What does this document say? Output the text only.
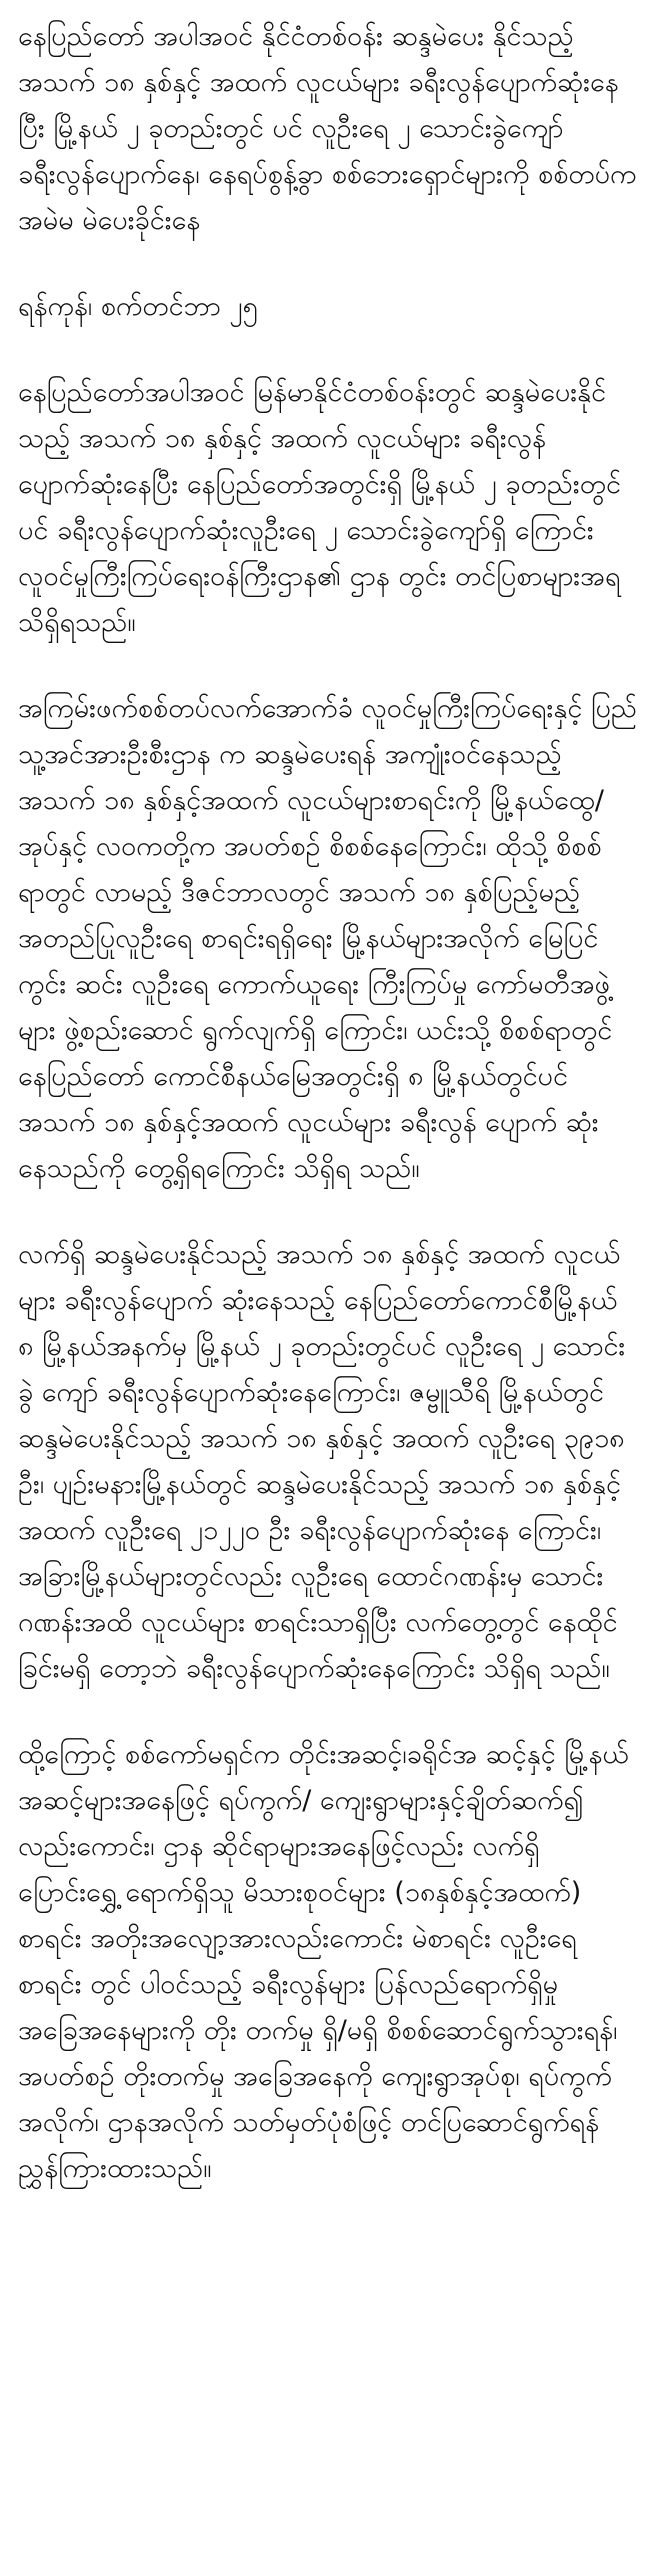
နေပြည်တော် အပါအဝင် နိုင်ငံတစ်ဝန်း ဆန္ဒမဲပေး နိုင်သည့် အသက် ၁၈ နှစ်နှင့် အထက် လူငယ်များ ခရီးလွန်ပျောက်ဆုံးနေပြီး မြို့နယ် ၂ ခုတည်းတွင် ပင် လူဦးရေ ၂ သောင်းခွဲကျော် ခရီးလွန်ပျောက်နေ၊ နေရပ်စွန့်ခွာ စစ်ဘေးရှောင်များကို စစ်တပ်က အမဲမ မဲပေးခိုင်းနေ

ရန်ကုန်၊ စက်တင်ဘာ ၂၅

နေပြည်တော်အပါအဝင် မြန်မာနိုင်ငံတစ်ဝန်းတွင် ဆန္ဒမဲပေးနိုင်သည့် အသက် ၁၈ နှစ်နှင့် အထက် လူငယ်များ ခရီးလွန်ပျောက်ဆုံးနေပြီး နေပြည်တော်အတွင်းရှိ မြို့နယ် ၂ ခုတည်းတွင်ပင် ခရီးလွန်ပျောက်ဆုံးလူဦးရေ ၂ သောင်းခွဲကျော်ရှိ ကြောင်း လူဝင်မှုကြီးကြပ်ရေးဝန်ကြီးဌာန၏ ဌာန တွင်း တင်ပြစာများအရ သိရှိရသည်။

အကြမ်းဖက်စစ်တပ်လက်အောက်ခံ လူဝင်မှုကြီးကြပ်ရေးနှင့် ပြည်သူ့အင်အားဦးစီးဌာန က ဆန္ဒမဲပေးရန် အကျုံးဝင်နေသည့် အသက် ၁၈ နှစ်နှင့်အထက် လူငယ်များစာရင်းကို မြို့နယ်ထွေ/ အုပ်နှင့် လဝကတို့က အပတ်စဉ် စိစစ်နေကြောင်း၊ ထိုသို့ စိစစ်ရာတွင် လာမည့် ဒီဇင်ဘာလတွင် အသက် ၁၈ နှစ်ပြည့်မည့် အတည်ပြုလူဦးရေ စာရင်းရရှိရေး မြို့နယ်များအလိုက် မြေပြင် ကွင်း ဆင်း လူဦးရေ ကောက်ယူရေး ကြီးကြပ်မှု ကော်မတီအဖွဲ့များ ဖွဲ့စည်းဆောင် ရွက်လျက်ရှိ ကြောင်း၊ ယင်းသို့ စိစစ်ရာတွင် နေပြည်တော် ကောင်စီနယ်မြေအတွင်းရှိ ၈ မြို့နယ်တွင်ပင် အသက် ၁၈ နှစ်နှင့်အထက် လူငယ်များ ခရီးလွန် ပျောက် ဆုံးနေသည်ကို တွေ့ရှိရကြောင်း သိရှိရ သည်။

လက်ရှိ ဆန္ဒမဲပေးနိုင်သည့် အသက် ၁၈ နှစ်နှင့် အထက် လူငယ်များ ခရီးလွန်ပျောက် ဆုံးနေသည့် နေပြည်တော်ကောင်စီမြို့နယ် ၈ မြို့နယ်အနက်မှ မြို့နယ် ၂ ခုတည်းတွင်ပင် လူဦးရေ ၂ သောင်းခွဲ ကျော် ခရီးလွန်ပျောက်ဆုံးနေကြောင်း၊ ဇမ္ဗူသီရိ မြို့နယ်တွင် ဆန္ဒမဲပေးနိုင်သည့် အသက် ၁၈ နှစ်နှင့် အထက် လူဦးရေ ၃၉၁၈ ဦး၊ ပျဉ်းမနားမြို့နယ်တွင် ဆန္ဒမဲပေးနိုင်သည့် အသက် ၁၈ နှစ်နှင့်အထက် လူဦးရေ ၂၁၂၂၀ ဦး ခရီးလွန်ပျောက်ဆုံးနေ ကြောင်း၊ အခြားမြို့နယ်များတွင်လည်း လူဦးရေ ထောင်ဂဏန်းမှ သောင်းဂဏန်းအထိ လူငယ်များ စာရင်းသာရှိပြီး လက်တွေ့တွင် နေထိုင်ခြင်းမရှိ တော့ဘဲ ခရီးလွန်ပျောက်ဆုံးနေကြောင်း သိရှိရ သည်။

ထို့ကြောင့် စစ်ကော်မရှင်က တိုင်းအဆင့်၊ခရိုင်အ ဆင့်နှင့် မြို့နယ်အဆင့်များအနေဖြင့် ရပ်ကွက်/ ကျေးရွာများနှင့်ချိတ်ဆက်၍ လည်းကောင်း၊ ဌာန ဆိုင်ရာများအနေဖြင့်လည်း လက်ရှိ ပြောင်းရွှေ့ ရောက်ရှိသူ မိသားစုဝင်များ (၁၈နှစ်နှင့်အထက်) စာရင်း အတိုးအလျော့အားလည်းကောင်း မဲစာရင်း လူဦးရေစာရင်း တွင် ပါဝင်သည့် ခရီးလွန်များ ပြန်လည်ရောက်ရှိမှု အခြေအနေများကို တိုး တက်မှု ရှိ/မရှိ စိစစ်ဆောင်ရွက်သွားရန်၊ အပတ်စဉ် တိုးတက်မှု အခြေအနေကို ကျေးရွာအုပ်စု၊ ရပ်ကွက်အလိုက်၊ ဌာနအလိုက် သတ်မှတ်ပုံစံဖြင့် တင်ပြဆောင်ရွက်ရန် ညွှန်ကြားထားသည်။
